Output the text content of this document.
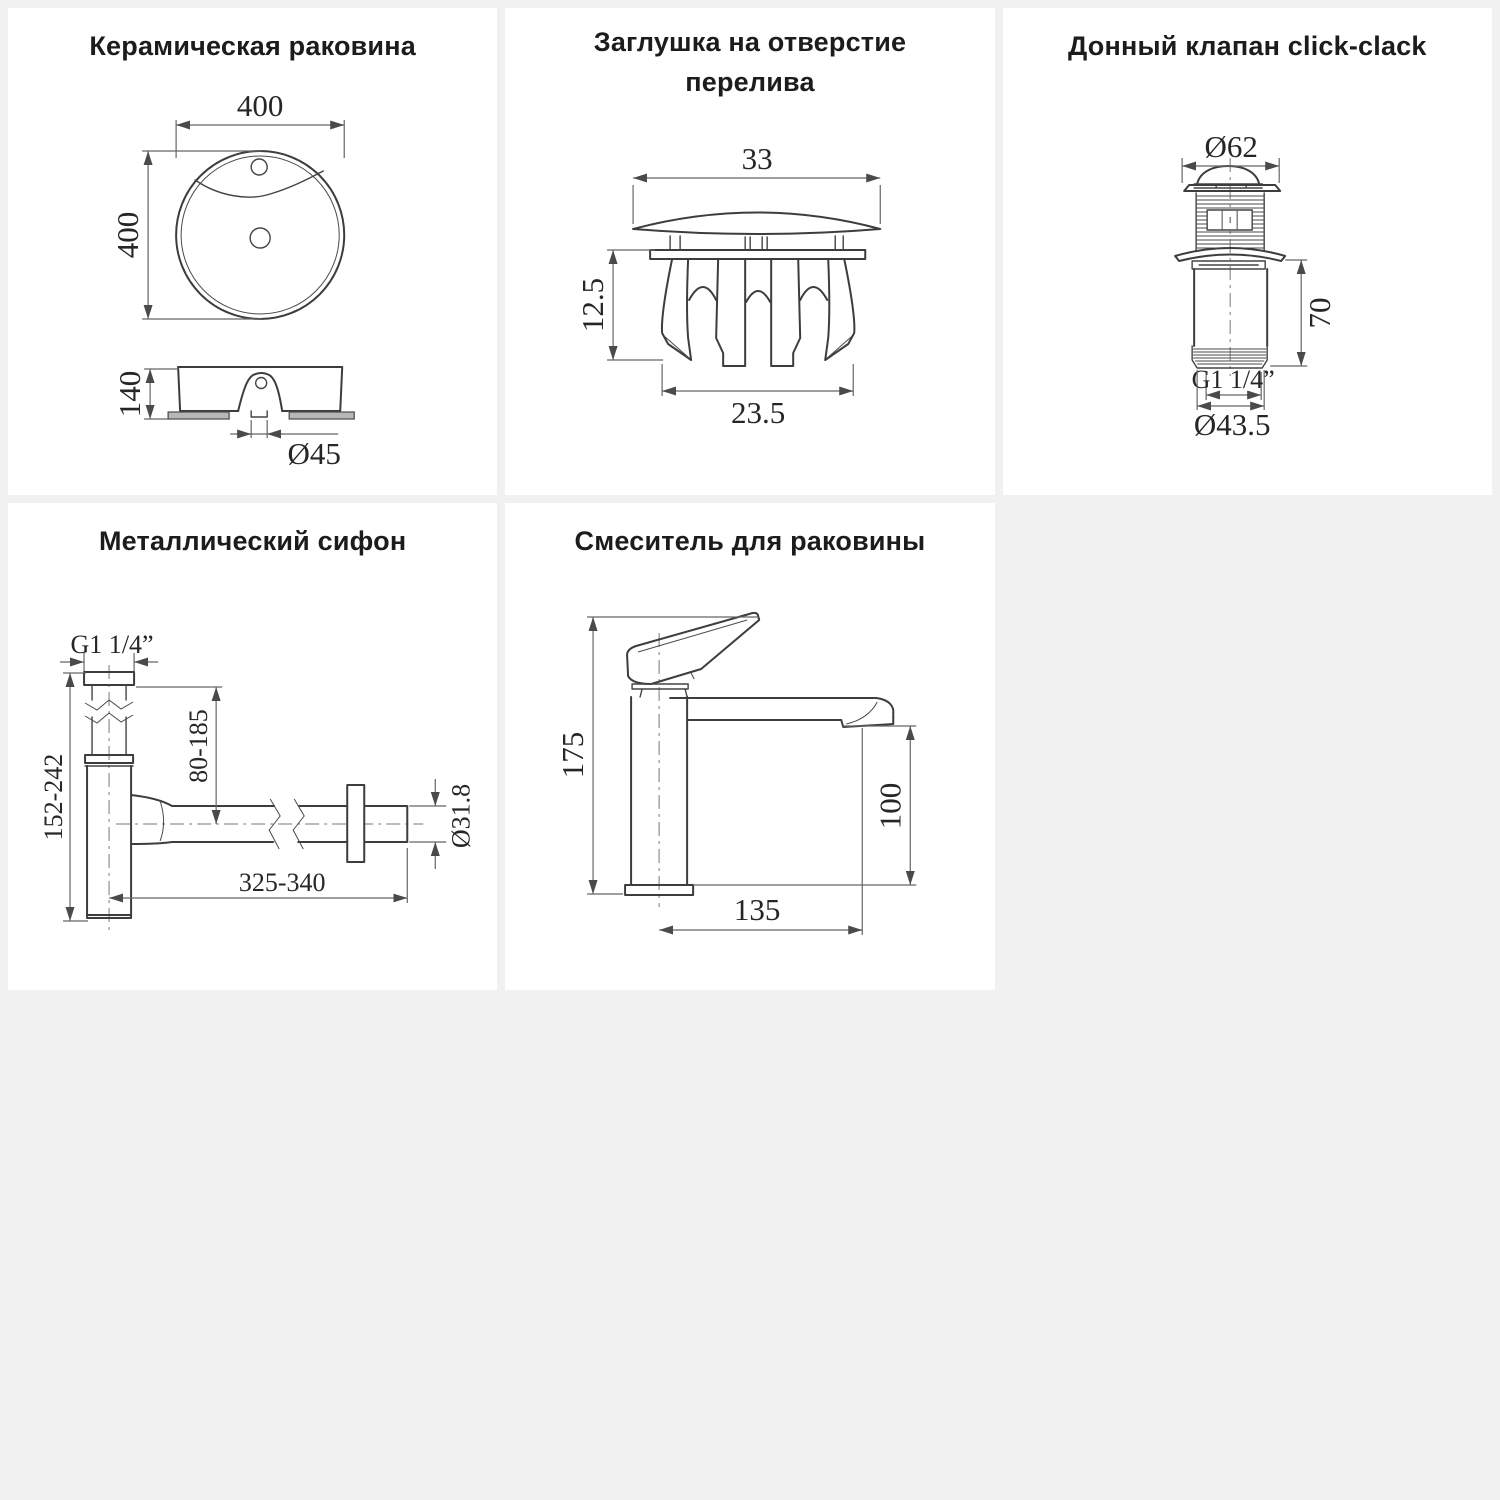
Керамическая раковина
400
400
140
Ø45
Заглушка на отверстие
перелива
33
12.5
23.5
Донный клапан click-clack
Ø62
70
G1 1/4”
Ø43.5
Металлический сифон
G1 1/4”
152-242
80-185
Ø31.8
325-340
Смеситель для раковины
175
100
135
